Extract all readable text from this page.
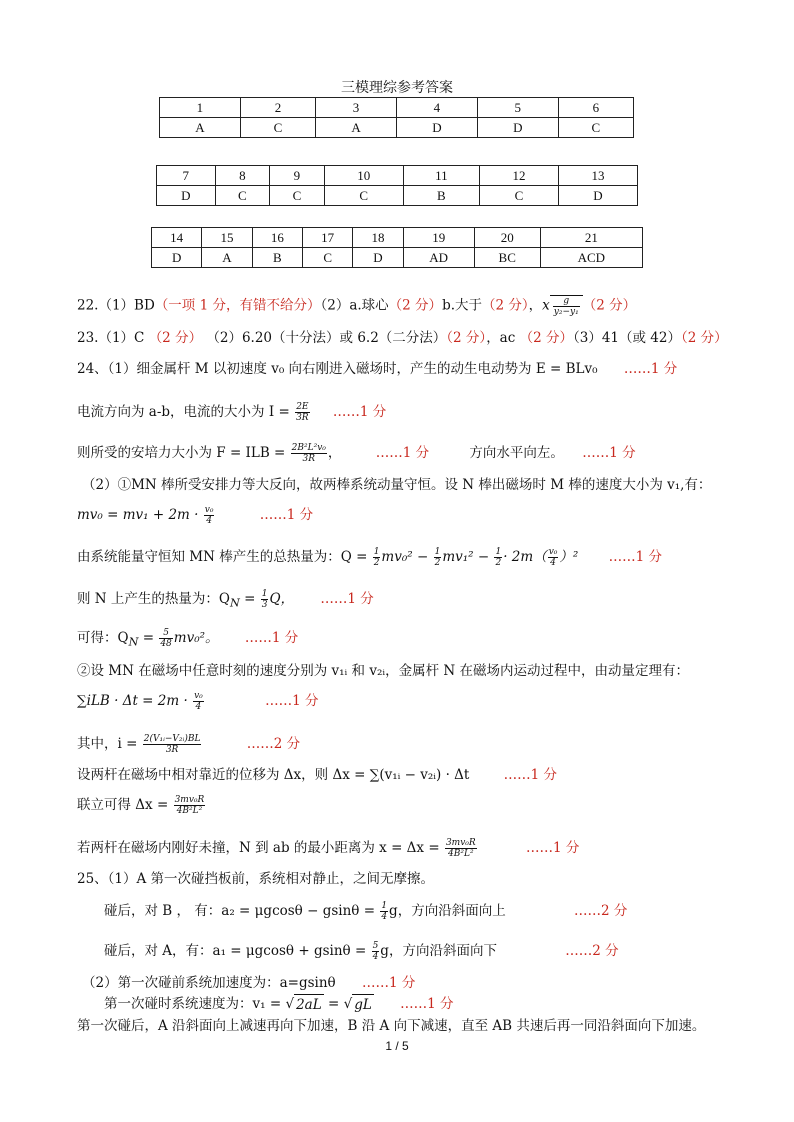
三模理综参考答案
1	2	3	4	5	6
A	C	A	D	D	C
7	8	9	10	11	12	13
D	C	C	C	B	C	D
14	15	16	17	18	19	20	21
D	A	B	C	D	AD	BC	ACD
22.（1）BD（一项 1 分，有错不给分）（2）a.球心（2 分）b.大于（2 分），x $\frac{g}{\text{y₂−y₁}} (2$ 分）
23.（1）C （2 分） （2）6.20（十分法）或 6.2（二分法）（2 分），ac （2 分）（3）41（或 42）（2 分）
24、（1）细金属杆 M 以初速度 v₀ 向右刚进入磁场时，产生的动生电动势为 E = BLv₀ ……1 分
电流方向为 a-b，电流的大小为 $I = \frac{2E}{3R}$ ……1 分
则所受的安培力大小为 F = ILB = $\frac{\text{2B²L²v₀}}{3R}$ ，	……1 分	方向水平向左。 ……1 分
（2）①MN 棒所受安排力等大反向，故两棒系统动量守恒。设 N 棒出磁场时 M 棒的速度大小为 v₁,有：
$mv_0 = mv_1 + 2m \cdot \frac{\text{v₀}}{4}$	……1 分
由系统能量守恒知 MN 棒产生的总热量为：$Q = \frac{1}{2} mv_0^2 - \frac{1}{2} mv_1^2 - \frac{1}{2} \cdot 2m( \frac{\text{v₀}}{4} )^2$ ……1 分
则 N 上产生的热量为：$Q_N = \frac{1}{3}$ Q， ……1 分
可得：$Q_N = \frac{5}{48} mv_0^2$。 ……1 分
②设 MN 在磁场中任意时刻的速度分别为 v₁ᵢ 和 v₂ᵢ，金属杆 N 在磁场内运动过程中，由动量定理有：
$\sum iLB \cdot \Delta t = 2m \cdot \frac{\text{v₀}}{4}$	……1 分
其中，$i = \frac{\text{2(V₁ᵢ−V₂ᵢ)BL}}{3R}$	……2 分
设两杆在磁场中相对靠近的位移为 Δx，则 Δx = ∑(v₁ᵢ − v₂ᵢ) · Δt	……1 分
联立可得 $\Delta x = \frac{\text{3mv₀R}}{\text{4B²L²}}$
若两杆在磁场内刚好未撞，N 到 ab 的最小距离为 $x = \Delta x = \frac{\text{3mv₀R}}{\text{4B²L²}}$	……1 分
25、（1）A 第一次碰挡板前，系统相对静止，之间无摩擦。
碰后，对 B ， 有：$a_2 = \mu gcos\theta - gsin\theta = \frac{1}{4}$ g，方向沿斜面向上	……2 分
碰后，对 A，有：$a_1 = \mu gcos\theta + gsin\theta = \frac{5}{4}$ g，方向沿斜面向下	……2 分
（2）第一次碰前系统加速度为：a=gsinθ ……1 分
第一次碰时系统速度为：v₁ = √ 2aL = √ gL ……1 分
第一次碰后，A 沿斜面向上减速再向下加速，B 沿 A 向下减速，直至 AB 共速后再一同沿斜面向下加速。
1 / 5
